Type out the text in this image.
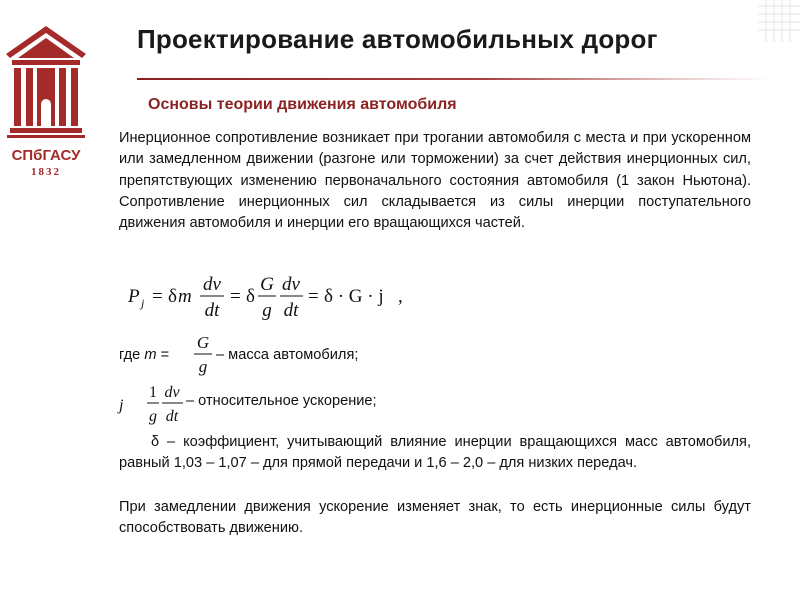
СПбГАСУ
1832
Проектирование автомобильных дорог
Основы теории движения автомобиля

Инерционное сопротивление возникает при трогании автомобиля с места и при ускоренном или замедленном движении (разгоне или торможении) за счет действия инерционных сил, препятствующих изменению первоначального состояния автомобиля (1 закон Ньютона). Сопротивление инерционных сил складывается из силы инерции поступательного движения автомобиля и инерции его вращающихся частей.

P j = δ m
dv
dt
= δ
G
g
dv
dt
= δ · G · j ,
где m =
G
g
– масса автомобиля;
j
1
g
dv
dt
– относительное ускорение;

δ – коэффициент, учитывающий влияние инерции вращающихся масс автомобиля, равный 1,03 – 1,07 – для прямой передачи и 1,6 – 2,0 – для низких передач.

При замедлении движения ускорение изменяет знак, то есть инерционные силы будут способствовать движению.
